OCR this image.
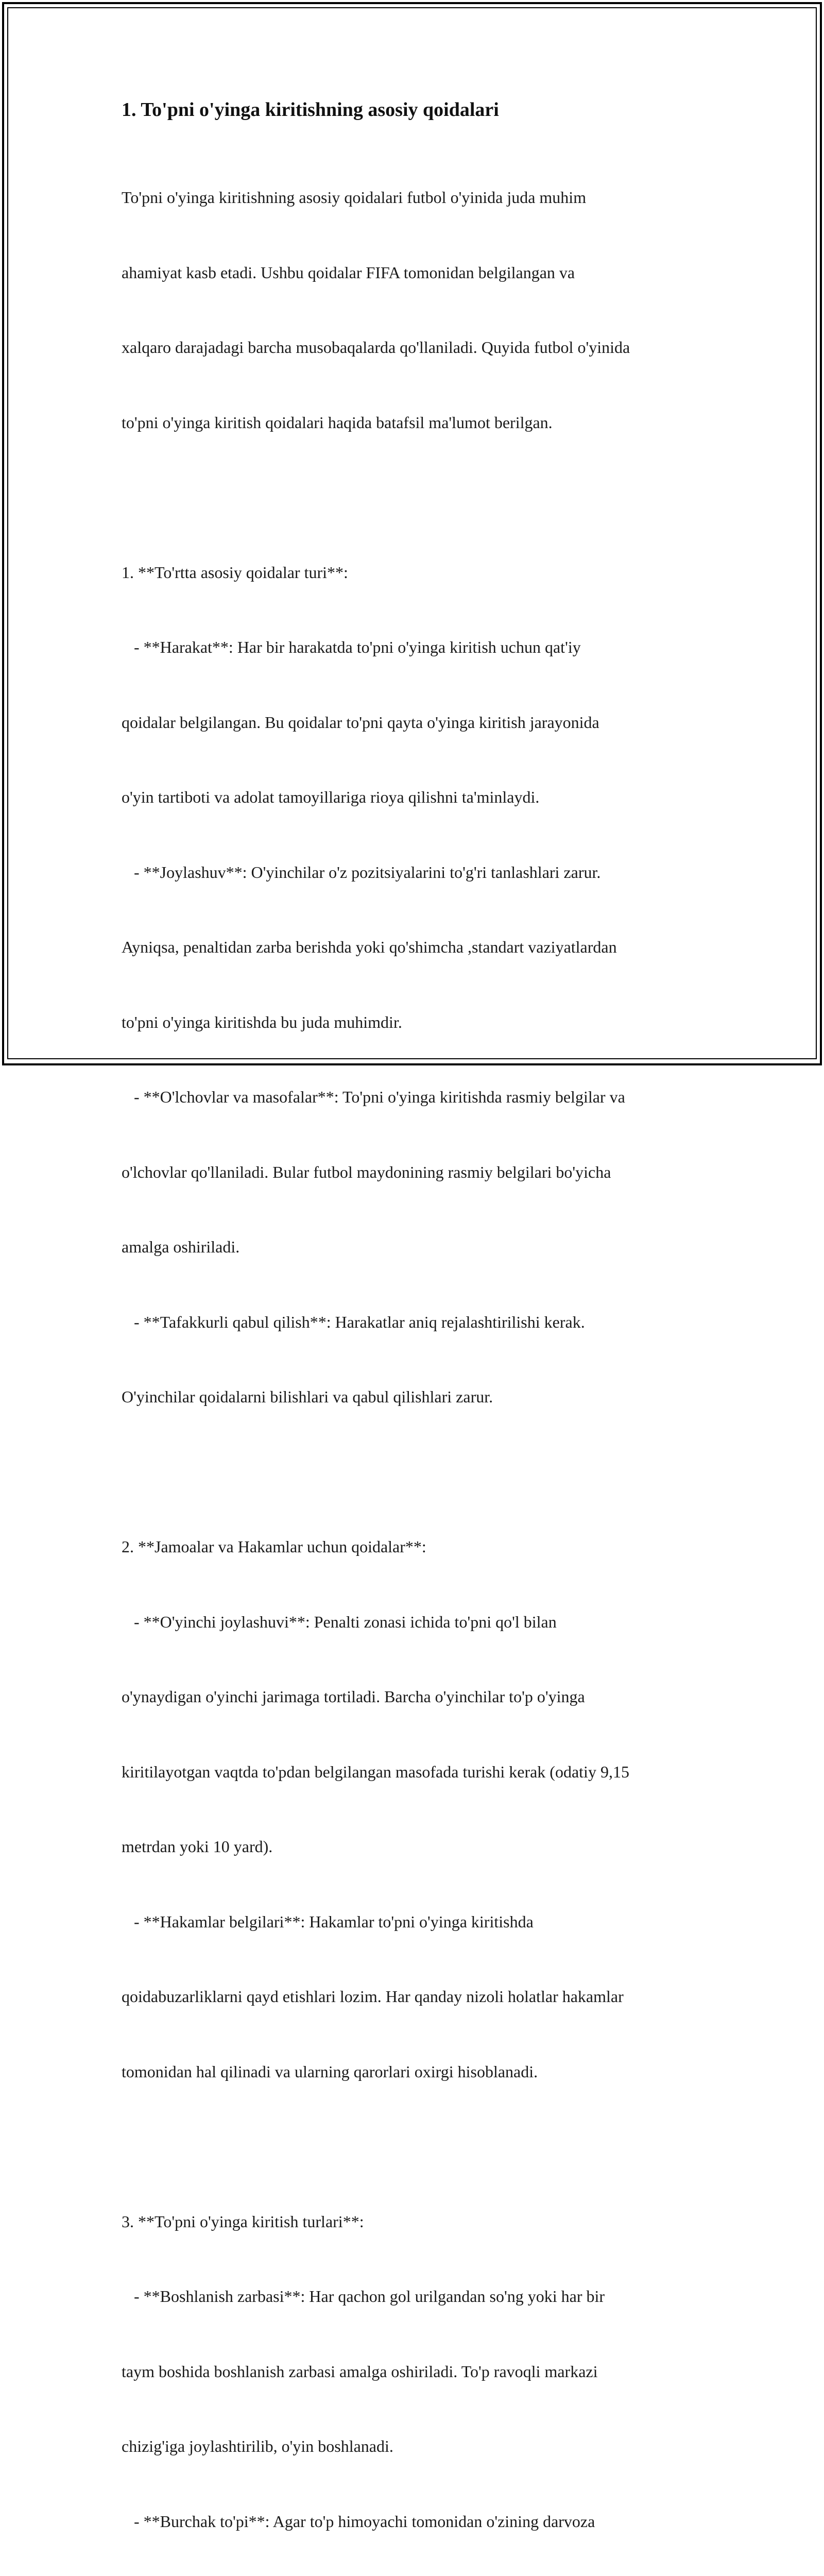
1. To'pni o'yinga kiritishning asosiy qoidalari

To'pni o'yinga kiritishning asosiy qoidalari futbol o'yinida juda muhim

ahamiyat kasb etadi. Ushbu qoidalar FIFA tomonidan belgilangan va

xalqaro darajadagi barcha musobaqalarda qo'llaniladi. Quyida futbol o'yinida

to'pni o'yinga kiritish qoidalari haqida batafsil ma'lumot berilgan.

1. **To'rtta asosiy qoidalar turi**:

- **Harakat**: Har bir harakatda to'pni o'yinga kiritish uchun qat'iy

qoidalar belgilangan. Bu qoidalar to'pni qayta o'yinga kiritish jarayonida

o'yin tartiboti va adolat tamoyillariga rioya qilishni ta'minlaydi.

- **Joylashuv**: O'yinchilar o'z pozitsiyalarini to'g'ri tanlashlari zarur.

Ayniqsa, penaltidan zarba berishda yoki qo'shimcha ,standart vaziyatlardan

to'pni o'yinga kiritishda bu juda muhimdir.

- **O'lchovlar va masofalar**: To'pni o'yinga kiritishda rasmiy belgilar va

o'lchovlar qo'llaniladi. Bular futbol maydonining rasmiy belgilari bo'yicha

amalga oshiriladi.

- **Tafakkurli qabul qilish**: Harakatlar aniq rejalashtirilishi kerak.

O'yinchilar qoidalarni bilishlari va qabul qilishlari zarur.

2. **Jamoalar va Hakamlar uchun qoidalar**:

- **O'yinchi joylashuvi**: Penalti zonasi ichida to'pni qo'l bilan

o'ynaydigan o'yinchi jarimaga tortiladi. Barcha o'yinchilar to'p o'yinga

kiritilayotgan vaqtda to'pdan belgilangan masofada turishi kerak (odatiy 9,15

metrdan yoki 10 yard).

- **Hakamlar belgilari**: Hakamlar to'pni o'yinga kiritishda

qoidabuzarliklarni qayd etishlari lozim. Har qanday nizoli holatlar hakamlar

tomonidan hal qilinadi va ularning qarorlari oxirgi hisoblanadi.

3. **To'pni o'yinga kiritish turlari**:

- **Boshlanish zarbasi**: Har qachon gol urilgandan so'ng yoki har bir

taym boshida boshlanish zarbasi amalga oshiriladi. To'p ravoqli markazi

chizig'iga joylashtirilib, o'yin boshlanadi.

- **Burchak to'pi**: Agar to'p himoyachi tomonidan o'zining darvoza
